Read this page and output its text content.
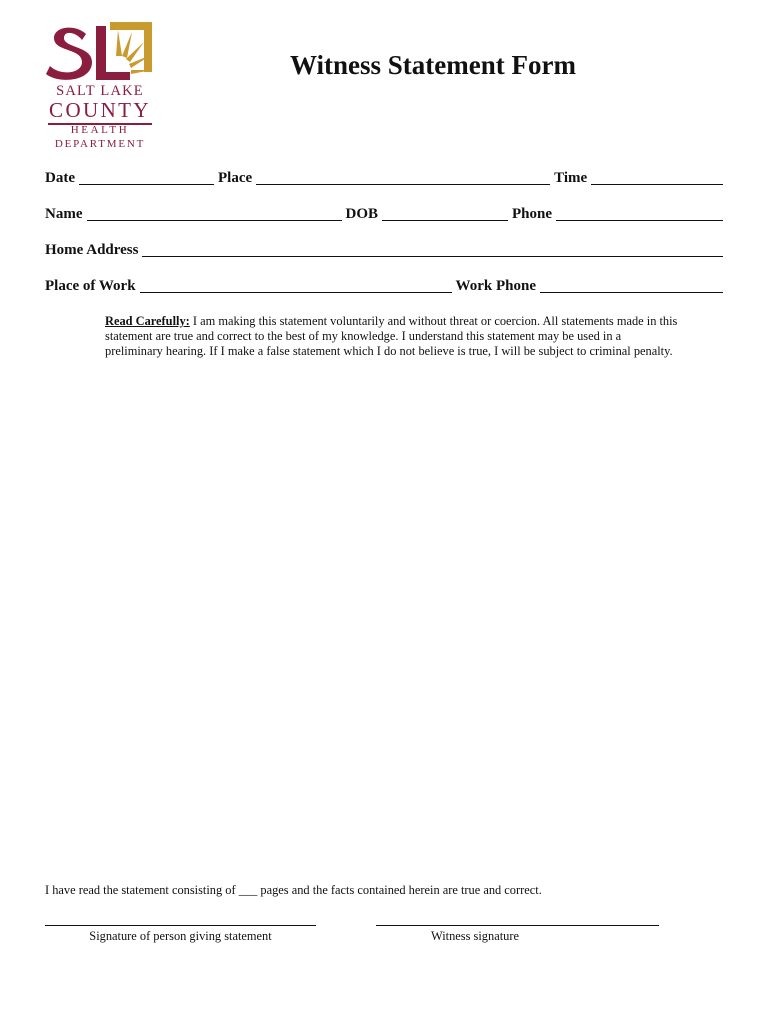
SALT LAKE
COUNTY
HEALTH
DEPARTMENT
Witness Statement Form
Date	Place	Time
Name	DOB	Phone
Home Address
Place of Work	Work Phone
Read Carefully: I am making this statement voluntarily and without threat or coercion. All statements made in this statement are true and correct to the best of my knowledge. I understand this statement may be used in a preliminary hearing. If I make a false statement which I do not believe is true, I will be subject to criminal penalty.
I have read the statement consisting of ___ pages and the facts contained herein are true and correct.
Signature of person giving statement	Witness signature
